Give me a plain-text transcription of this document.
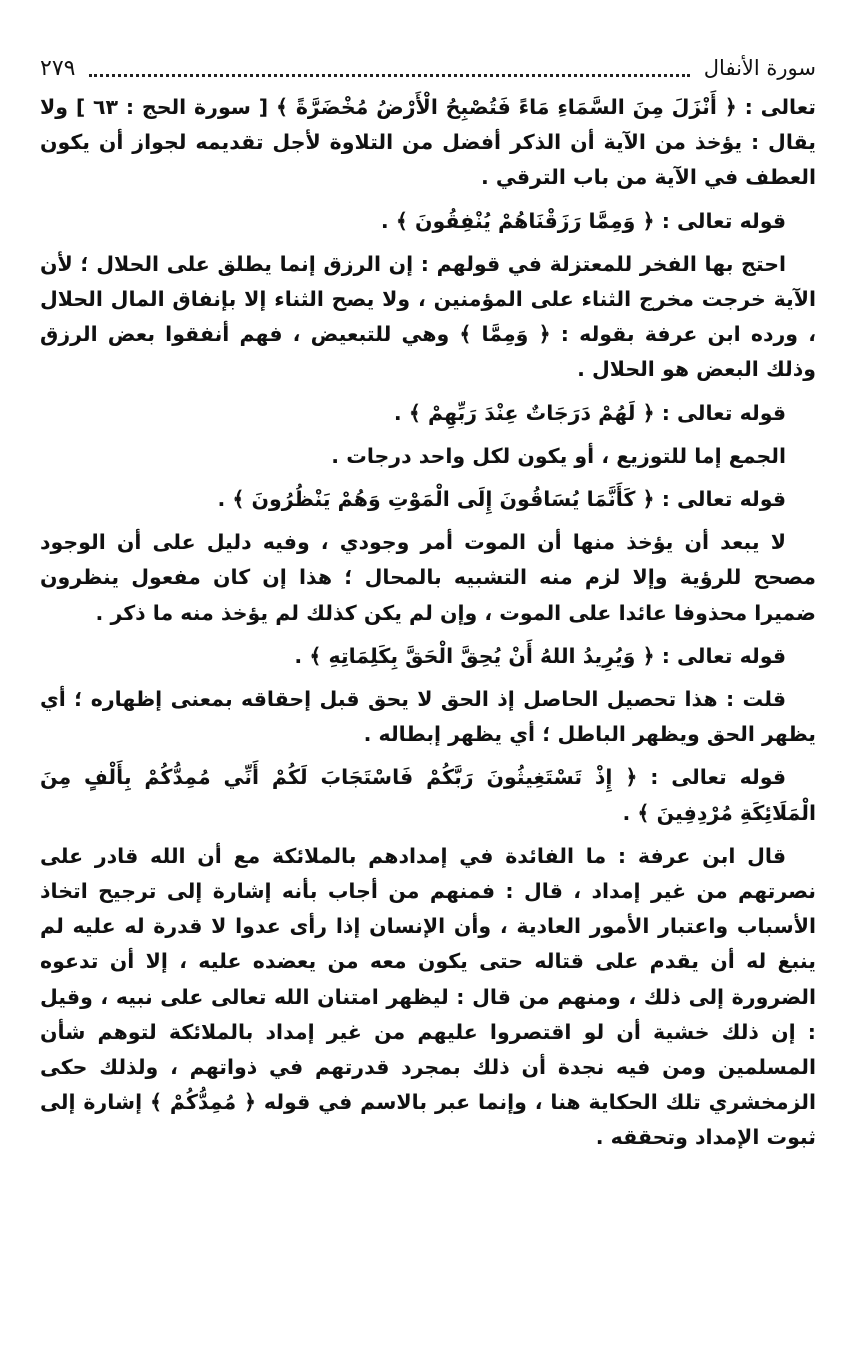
سورة الأنفال
٢٧٩

تعالى : ﴿ أَنْزَلَ مِنَ السَّمَاءِ مَاءً فَتُصْبِحُ الْأَرْضُ مُخْضَرَّةً ﴾ [ سورة الحج : ٦٣ ] ولا يقال : يؤخذ من الآية أن الذكر أفضل من التلاوة لأجل تقديمه لجواز أن يكون العطف في الآية من باب الترقي .

قوله تعالى : ﴿ وَمِمَّا رَزَقْنَاهُمْ يُنْفِقُونَ ﴾ .

احتج بها الفخر للمعتزلة في قولهم : إن الرزق إنما يطلق على الحلال ؛ لأن الآية خرجت مخرج الثناء على المؤمنين ، ولا يصح الثناء إلا بإنفاق المال الحلال ، ورده ابن عرفة بقوله : ﴿ وَمِمَّا ﴾ وهي للتبعيض ، فهم أنفقوا بعض الرزق وذلك البعض هو الحلال .

قوله تعالى : ﴿ لَهُمْ دَرَجَاتٌ عِنْدَ رَبِّهِمْ ﴾ .

الجمع إما للتوزيع ، أو يكون لكل واحد درجات .

قوله تعالى : ﴿ كَأَنَّمَا يُسَاقُونَ إِلَى الْمَوْتِ وَهُمْ يَنْظُرُونَ ﴾ .

لا يبعد أن يؤخذ منها أن الموت أمر وجودي ، وفيه دليل على أن الوجود مصحح للرؤية وإلا لزم منه التشبيه بالمحال ؛ هذا إن كان مفعول ينظرون ضميرا محذوفا عائدا على الموت ، وإن لم يكن كذلك لم يؤخذ منه ما ذكر .

قوله تعالى : ﴿ وَيُرِيدُ اللهُ أَنْ يُحِقَّ الْحَقَّ بِكَلِمَاتِهِ ﴾ .

قلت : هذا تحصيل الحاصل إذ الحق لا يحق قبل إحقاقه بمعنى إظهاره ؛ أي يظهر الحق ويظهر الباطل ؛ أي يظهر إبطاله .

قوله تعالى : ﴿ إِذْ تَسْتَغِيثُونَ رَبَّكُمْ فَاسْتَجَابَ لَكُمْ أَنِّي مُمِدُّكُمْ بِأَلْفٍ مِنَ الْمَلَائِكَةِ مُرْدِفِينَ ﴾ .

قال ابن عرفة : ما الفائدة في إمدادهم بالملائكة مع أن الله قادر على نصرتهم من غير إمداد ، قال : فمنهم من أجاب بأنه إشارة إلى ترجيح اتخاذ الأسباب واعتبار الأمور العادية ، وأن الإنسان إذا رأى عدوا لا قدرة له عليه لم ينبغ له أن يقدم على قتاله حتى يكون معه من يعضده عليه ، إلا أن تدعوه الضرورة إلى ذلك ، ومنهم من قال : ليظهر امتنان الله تعالى على نبيه ، وقيل : إن ذلك خشية أن لو اقتصروا عليهم من غير إمداد بالملائكة لتوهم شأن المسلمين ومن فيه نجدة أن ذلك بمجرد قدرتهم في ذواتهم ، ولذلك حكى الزمخشري تلك الحكاية هنا ، وإنما عبر بالاسم في قوله ﴿ مُمِدُّكُمْ ﴾ إشارة إلى ثبوت الإمداد وتحققه .
